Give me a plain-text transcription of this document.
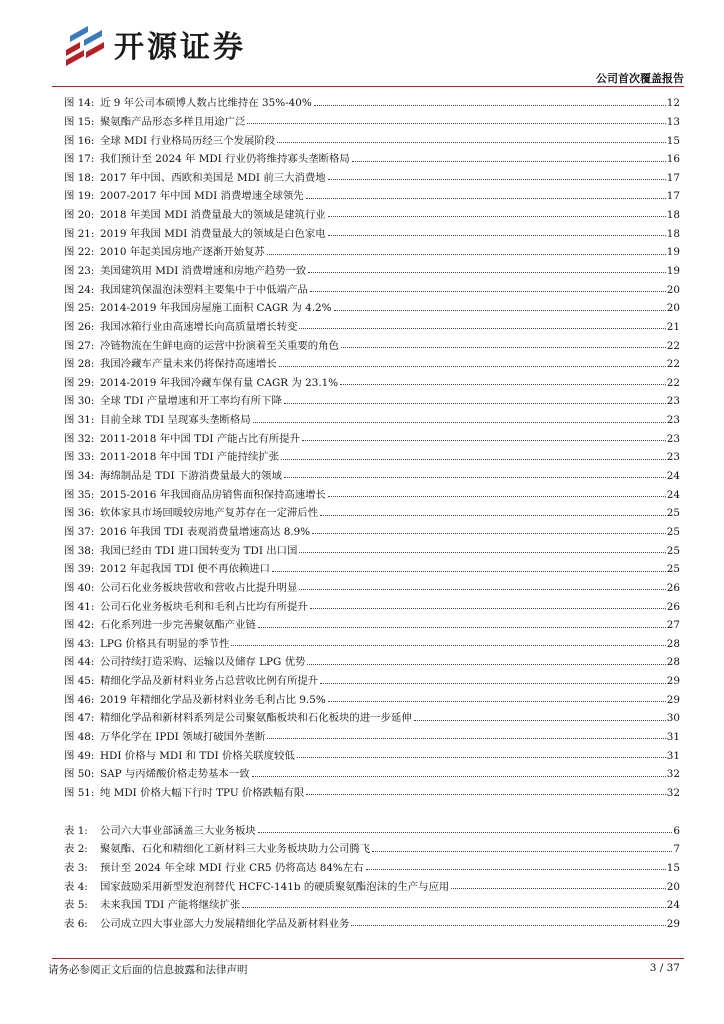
开源证券
公司首次覆盖报告
图 14: 近 9 年公司本硕博人数占比维持在 35%-40%	12
图 15: 聚氨酯产品形态多样且用途广泛	13
图 16: 全球 MDI 行业格局历经三个发展阶段	15
图 17: 我们预计至 2024 年 MDI 行业仍将维持寡头垄断格局	16
图 18: 2017 年中国、西欧和美国是 MDI 前三大消费地	17
图 19: 2007-2017 年中国 MDI 消费增速全球领先	17
图 20: 2018 年美国 MDI 消费量最大的领域是建筑行业	18
图 21: 2019 年我国 MDI 消费量最大的领域是白色家电	18
图 22: 2010 年起美国房地产逐渐开始复苏	19
图 23: 美国建筑用 MDI 消费增速和房地产趋势一致	19
图 24: 我国建筑保温泡沫塑料主要集中于中低端产品	20
图 25: 2014-2019 年我国房屋施工面积 CAGR 为 4.2%	20
图 26: 我国冰箱行业由高速增长向高质量增长转变	21
图 27: 冷链物流在生鲜电商的运营中扮演着至关重要的角色	22
图 28: 我国冷藏车产量未来仍将保持高速增长	22
图 29: 2014-2019 年我国冷藏车保有量 CAGR 为 23.1%	22
图 30: 全球 TDI 产量增速和开工率均有所下降	23
图 31: 目前全球 TDI 呈现寡头垄断格局	23
图 32: 2011-2018 年中国 TDI 产能占比有所提升	23
图 33: 2011-2018 年中国 TDI 产能持续扩张	23
图 34: 海绵制品是 TDI 下游消费量最大的领域	24
图 35: 2015-2016 年我国商品房销售面积保持高速增长	24
图 36: 软体家具市场回暖较房地产复苏存在一定滞后性	25
图 37: 2016 年我国 TDI 表观消费量增速高达 8.9%	25
图 38: 我国已经由 TDI 进口国转变为 TDI 出口国	25
图 39: 2012 年起我国 TDI 便不再依赖进口	25
图 40: 公司石化业务板块营收和营收占比提升明显	26
图 41: 公司石化业务板块毛利和毛利占比均有所提升	26
图 42: 石化系列进一步完善聚氨酯产业链	27
图 43: LPG 价格具有明显的季节性	28
图 44: 公司持续打造采购、运输以及储存 LPG 优势	28
图 45: 精细化学品及新材料业务占总营收比例有所提升	29
图 46: 2019 年精细化学品及新材料业务毛利占比 9.5%	29
图 47: 精细化学品和新材料系列是公司聚氨酯板块和石化板块的进一步延伸	30
图 48: 万华化学在 IPDI 领域打破国外垄断	31
图 49: HDI 价格与 MDI 和 TDI 价格关联度较低	31
图 50: SAP 与丙烯酸价格走势基本一致	32
图 51: 纯 MDI 价格大幅下行时 TPU 价格跌幅有限	32
表 1:	公司六大事业部涵盖三大业务板块	6
表 2:	聚氨酯、石化和精细化工新材料三大业务板块助力公司腾飞	7
表 3:	预计至 2024 年全球 MDI 行业 CR5 仍将高达 84%左右	15
表 4:	国家鼓励采用新型发泡剂替代 HCFC-141b 的硬质聚氨酯泡沫的生产与应用	20
表 5:	未来我国 TDI 产能将继续扩张	24
表 6:	公司成立四大事业部大力发展精细化学品及新材料业务	29
请务必参阅正文后面的信息披露和法律声明	3 / 37
